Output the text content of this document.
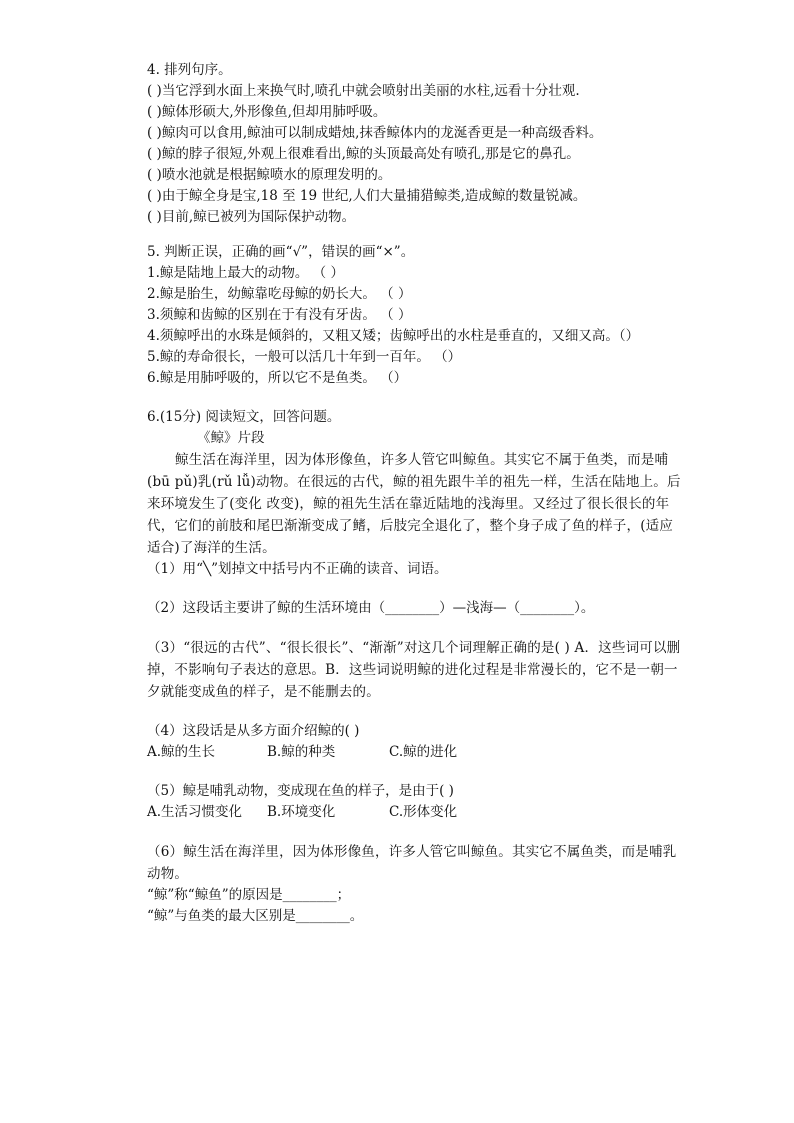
4. 排列句序。
( )当它浮到水面上来换气时,喷孔中就会喷射出美丽的水柱,远看十分壮观.
( )鲸体形硕大,外形像鱼,但却用肺呼吸。
( )鲸肉可以食用,鲸油可以制成蜡烛,抹香鲸体内的龙涎香更是一种高级香料。
( )鲸的脖子很短,外观上很难看出,鲸的头顶最高处有喷孔,那是它的鼻孔。
( )喷水池就是根据鲸喷水的原理发明的。
( )由于鲸全身是宝,18 至 19 世纪,人们大量捕猎鲸类,造成鲸的数量锐减。
( )目前,鲸已被列为国际保护动物。
5. 判断正误，正确的画“√”，错误的画“×”。
1.鲸是陆地上最大的动物。 （ ）
2.鲸是胎生，幼鲸靠吃母鲸的奶长大。 （ ）
3.须鲸和齿鲸的区别在于有没有牙齿。 （ ）
4.须鲸呼出的水珠是倾斜的，又粗又矮；齿鲸呼出的水柱是垂直的，又细又高。（）
5.鲸的寿命很长，一般可以活几十年到一百年。 （）
6.鲸是用肺呼吸的，所以它不是鱼类。 （）
6.(15分) 阅读短文，回答问题。
《鲸》片段
鲸生活在海洋里，因为体形像鱼，许多人管它叫鲸鱼。其实它不属于鱼类，而是哺(bū pǔ)乳(rǔ lǚ)动物。在很远的古代，鲸的祖先跟牛羊的祖先一样，生活在陆地上。后来环境发生了(变化 改变)，鲸的祖先生活在靠近陆地的浅海里。又经过了很长很长的年代，它们的前肢和尾巴渐渐变成了鳍，后肢完全退化了，整个身子成了鱼的样子，(适应 适合)了海洋的生活。
（1）用“╲”划掉文中括号内不正确的读音、词语。
（2）这段话主要讲了鲸的生活环境由（________）—浅海—（________）。
（3）“很远的古代”、“很长很长”、“渐渐”对这几个词理解正确的是( ) A．这些词可以删掉，不影响句子表达的意思。B．这些词说明鲸的进化过程是非常漫长的，它不是一朝一夕就能变成鱼的样子，是不能删去的。
（4）这段话是从多方面介绍鲸的( )
A.鲸的生长	B.鲸的种类	C.鲸的进化
（5）鲸是哺乳动物，变成现在鱼的样子，是由于( )
A.生活习惯变化	B.环境变化	C.形体变化
（6）鲸生活在海洋里，因为体形像鱼，许多人管它叫鲸鱼。其实它不属鱼类，而是哺乳动物。
“鲸”称“鲸鱼”的原因是________；
“鲸”与鱼类的最大区别是________。
